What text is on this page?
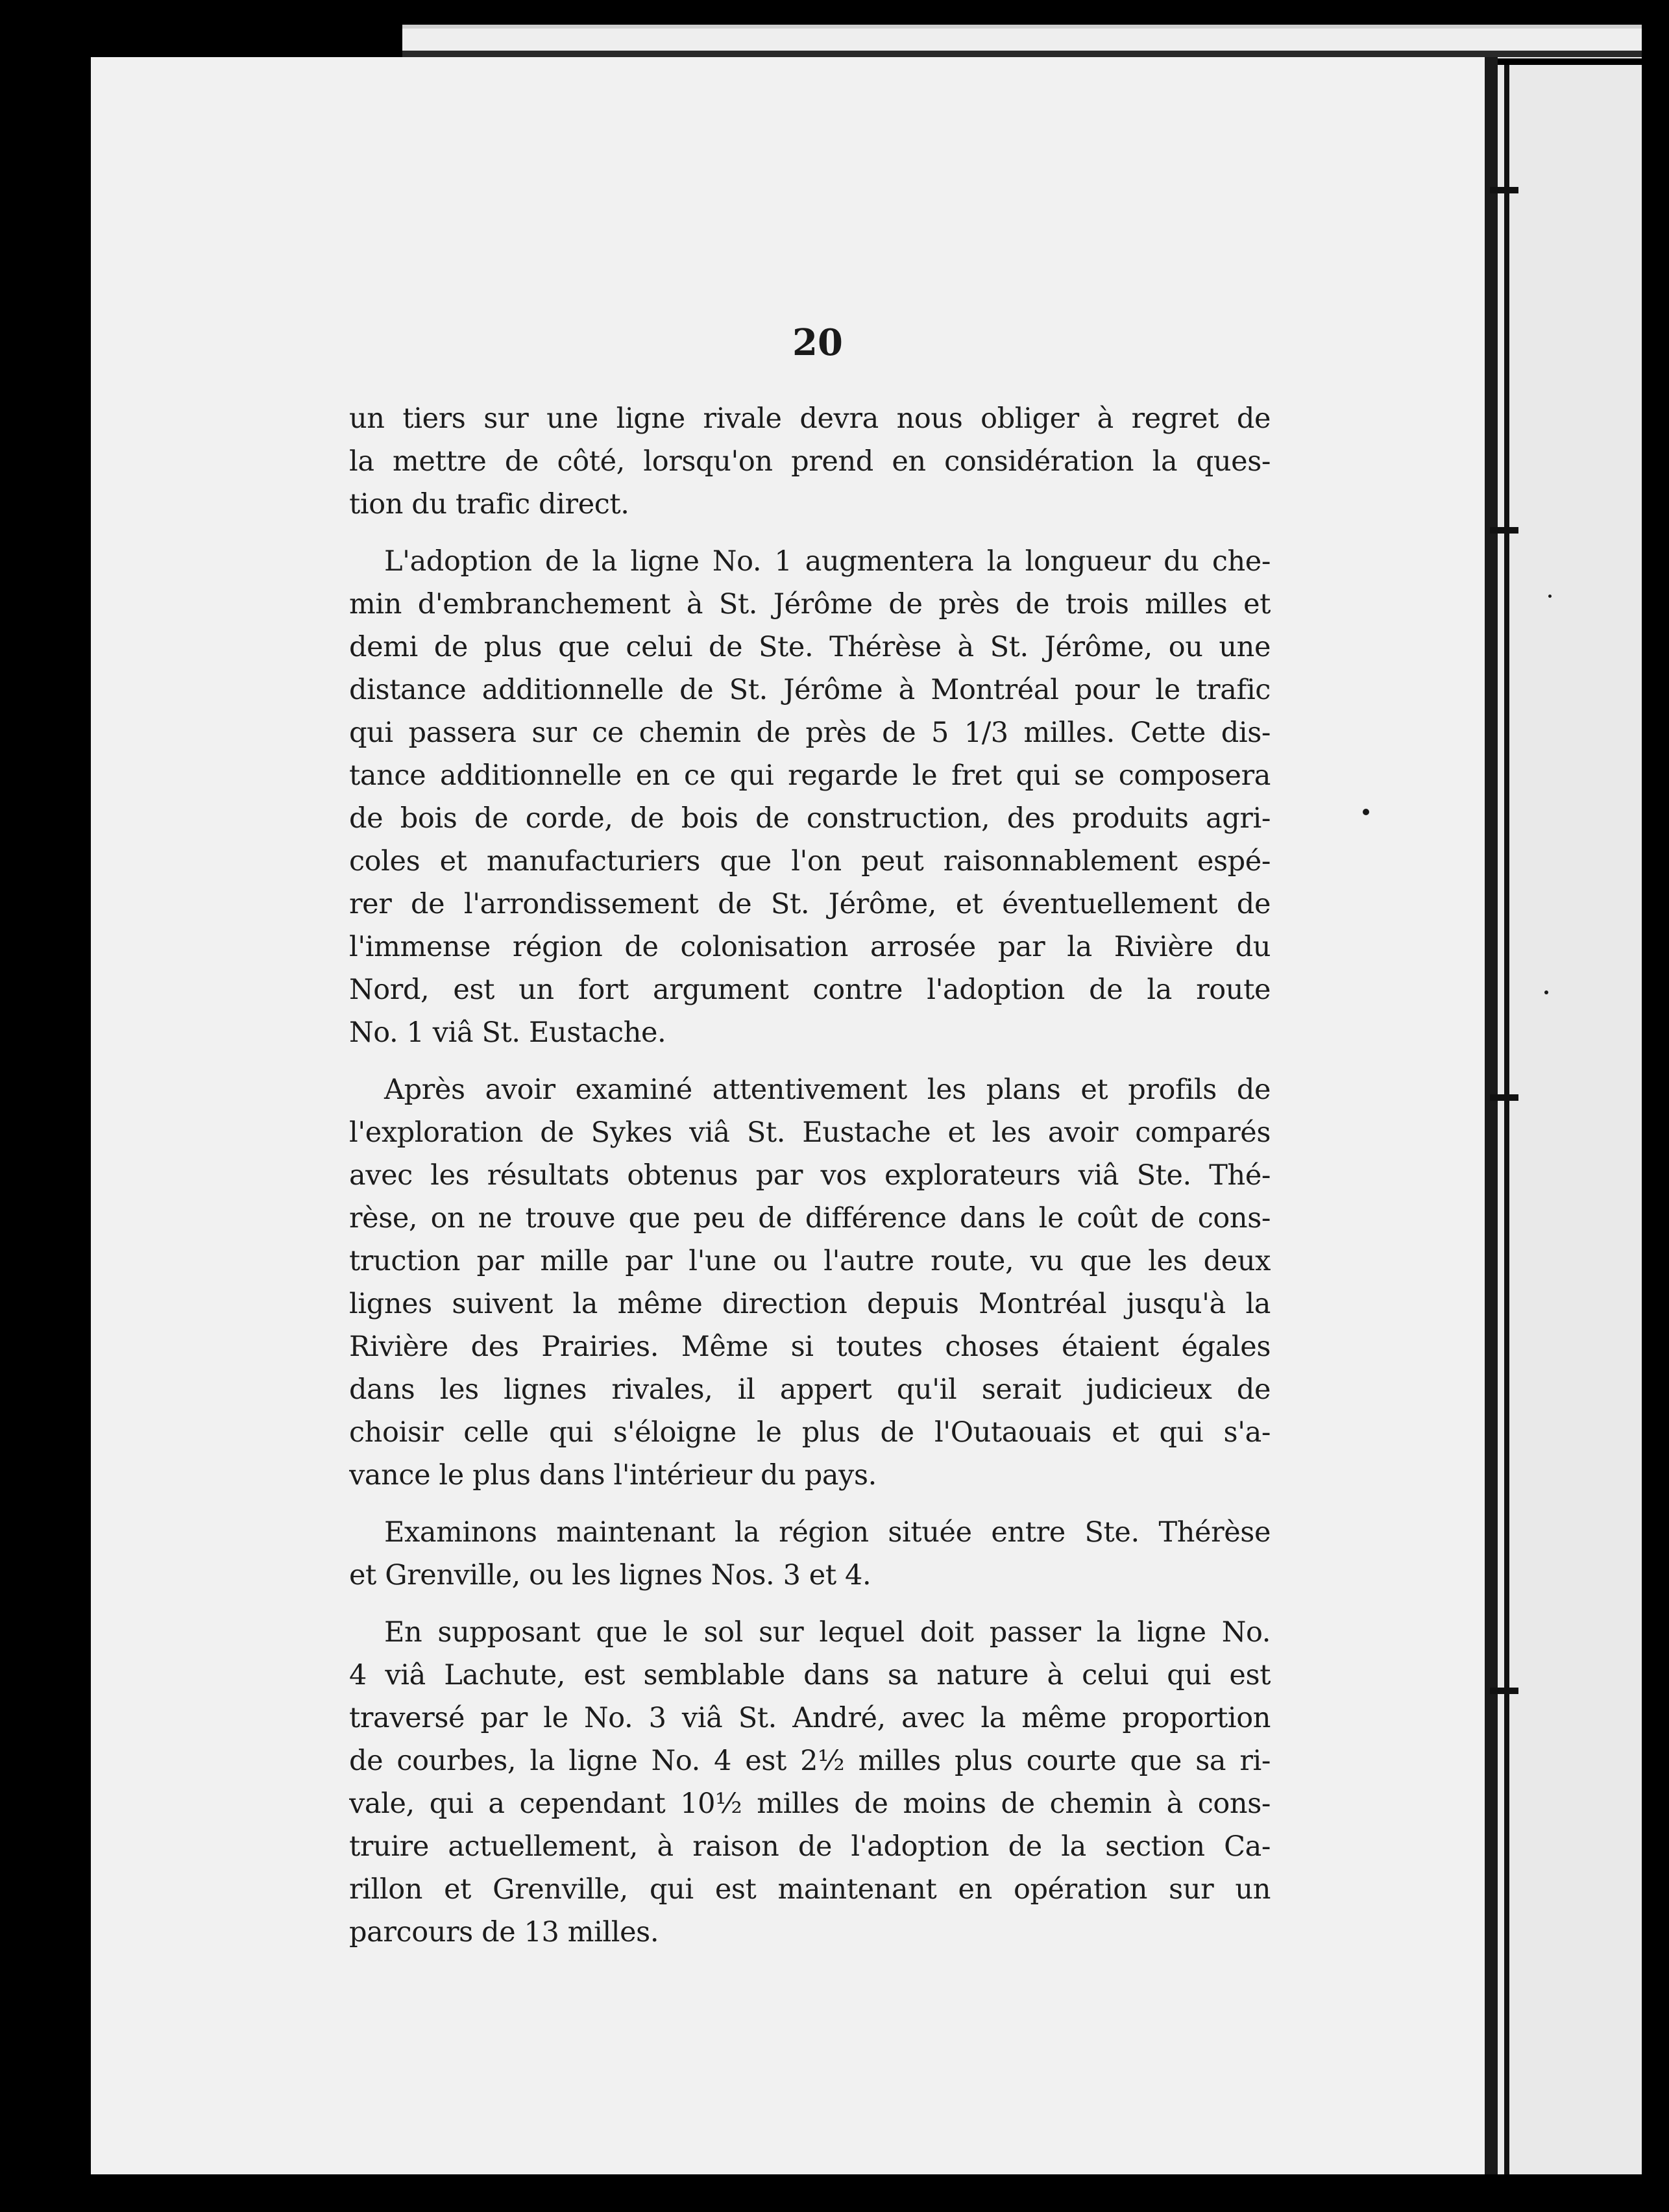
20

un tiers sur une ligne rivale devra nous obliger à regret de
la mettre de côté, lorsqu'on prend en considération la ques-
tion du trafic direct.

L'adoption de la ligne No. 1 augmentera la longueur du che-
min d'embranchement à St. Jérôme de près de trois milles et
demi de plus que celui de Ste. Thérèse à St. Jérôme, ou une
distance additionnelle de St. Jérôme à Montréal pour le trafic
qui passera sur ce chemin de près de 5 1/3 milles. Cette dis-
tance additionnelle en ce qui regarde le fret qui se composera
de bois de corde, de bois de construction, des produits agri-
coles et manufacturiers que l'on peut raisonnablement espé-
rer de l'arrondissement de St. Jérôme, et éventuellement de
l'immense région de colonisation arrosée par la Rivière du
Nord, est un fort argument contre l'adoption de la route
No. 1 viâ St. Eustache.

Après avoir examiné attentivement les plans et profils de
l'exploration de Sykes viâ St. Eustache et les avoir comparés
avec les résultats obtenus par vos explorateurs viâ Ste. Thé-
rèse, on ne trouve que peu de différence dans le coût de cons-
truction par mille par l'une ou l'autre route, vu que les deux
lignes suivent la même direction depuis Montréal jusqu'à la
Rivière des Prairies. Même si toutes choses étaient égales
dans les lignes rivales, il appert qu'il serait judicieux de
choisir celle qui s'éloigne le plus de l'Outaouais et qui s'a-
vance le plus dans l'intérieur du pays.

Examinons maintenant la région située entre Ste. Thérèse
et Grenville, ou les lignes Nos. 3 et 4.

En supposant que le sol sur lequel doit passer la ligne No.
4 viâ Lachute, est semblable dans sa nature à celui qui est
traversé par le No. 3 viâ St. André, avec la même proportion
de courbes, la ligne No. 4 est 2½ milles plus courte que sa ri-
vale, qui a cependant 10½ milles de moins de chemin à cons-
truire actuellement, à raison de l'adoption de la section Ca-
rillon et Grenville, qui est maintenant en opération sur un
parcours de 13 milles.
